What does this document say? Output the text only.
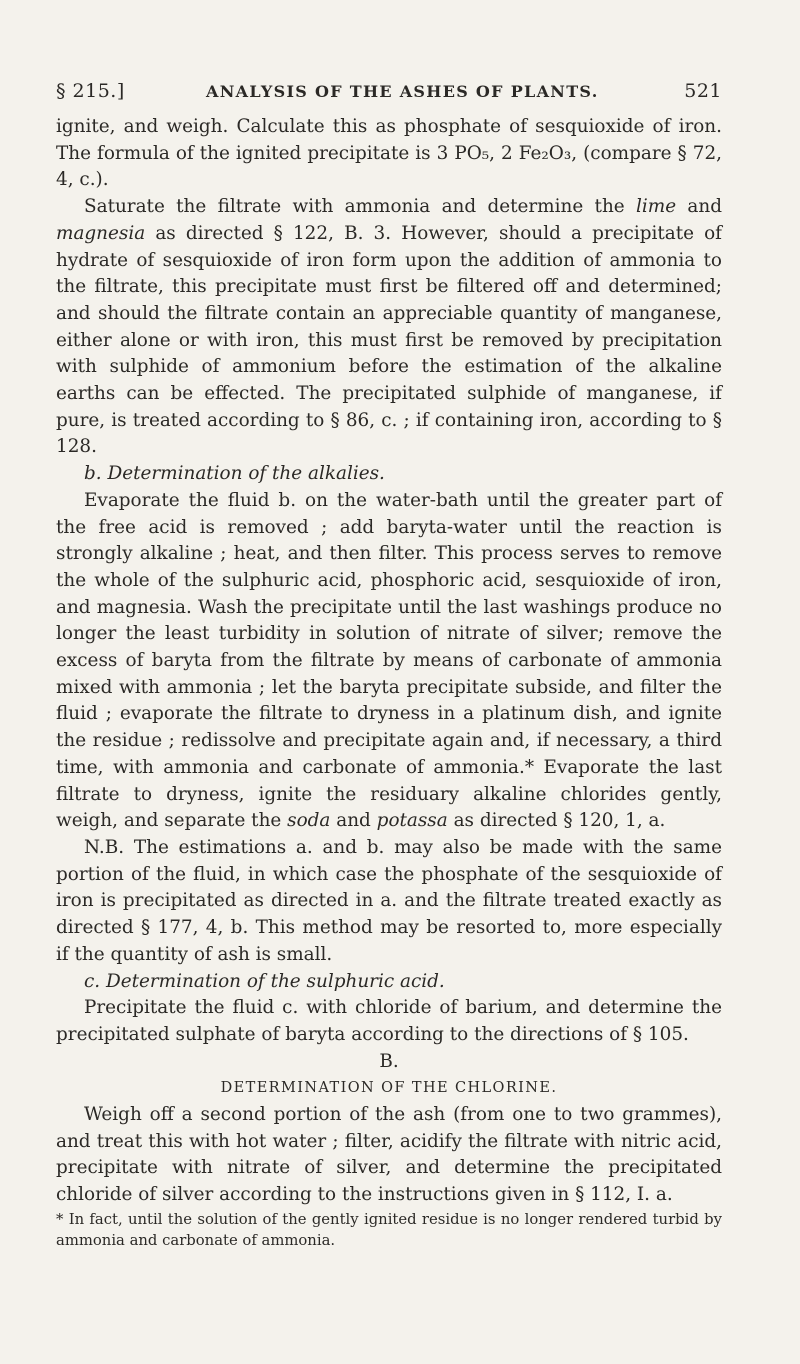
§ 215.]	ANALYSIS OF THE ASHES OF PLANTS.	521

ignite, and weigh. Calculate this as phosphate of sesquioxide of iron. The formula of the ignited precipitate is 3 PO₅, 2 Fe₂O₃, (compare § 72, 4, c.).

Saturate the filtrate with ammonia and determine the lime and magnesia as directed § 122, B. 3. However, should a precipitate of hydrate of sesquioxide of iron form upon the addition of ammonia to the filtrate, this precipitate must first be filtered off and determined; and should the filtrate contain an appreciable quantity of manganese, either alone or with iron, this must first be removed by precipitation with sulphide of ammonium before the estimation of the alkaline earths can be effected. The precipitated sulphide of manganese, if pure, is treated according to § 86, c. ; if containing iron, according to § 128.

b. Determination of the alkalies.

Evaporate the fluid b. on the water-bath until the greater part of the free acid is removed ; add baryta-water until the reaction is strongly alkaline ; heat, and then filter. This process serves to remove the whole of the sulphuric acid, phosphoric acid, sesquioxide of iron, and magnesia. Wash the precipitate until the last washings produce no longer the least turbidity in solution of nitrate of silver; remove the excess of baryta from the filtrate by means of carbonate of ammonia mixed with ammonia ; let the baryta precipitate subside, and filter the fluid ; evaporate the filtrate to dryness in a platinum dish, and ignite the residue ; redissolve and precipitate again and, if necessary, a third time, with ammonia and carbonate of ammonia.* Evaporate the last filtrate to dryness, ignite the residuary alkaline chlorides gently, weigh, and separate the soda and potassa as directed § 120, 1, a.

N.B. The estimations a. and b. may also be made with the same portion of the fluid, in which case the phosphate of the sesquioxide of iron is precipitated as directed in a. and the filtrate treated exactly as directed § 177, 4, b. This method may be resorted to, more especially if the quantity of ash is small.

c. Determination of the sulphuric acid.

Precipitate the fluid c. with chloride of barium, and determine the precipitated sulphate of baryta according to the directions of § 105.

B.

DETERMINATION OF THE CHLORINE.

Weigh off a second portion of the ash (from one to two grammes), and treat this with hot water ; filter, acidify the filtrate with nitric acid, precipitate with nitrate of silver, and determine the precipitated chloride of silver according to the instructions given in § 112, I. a.

* In fact, until the solution of the gently ignited residue is no longer rendered turbid by ammonia and carbonate of ammonia.
